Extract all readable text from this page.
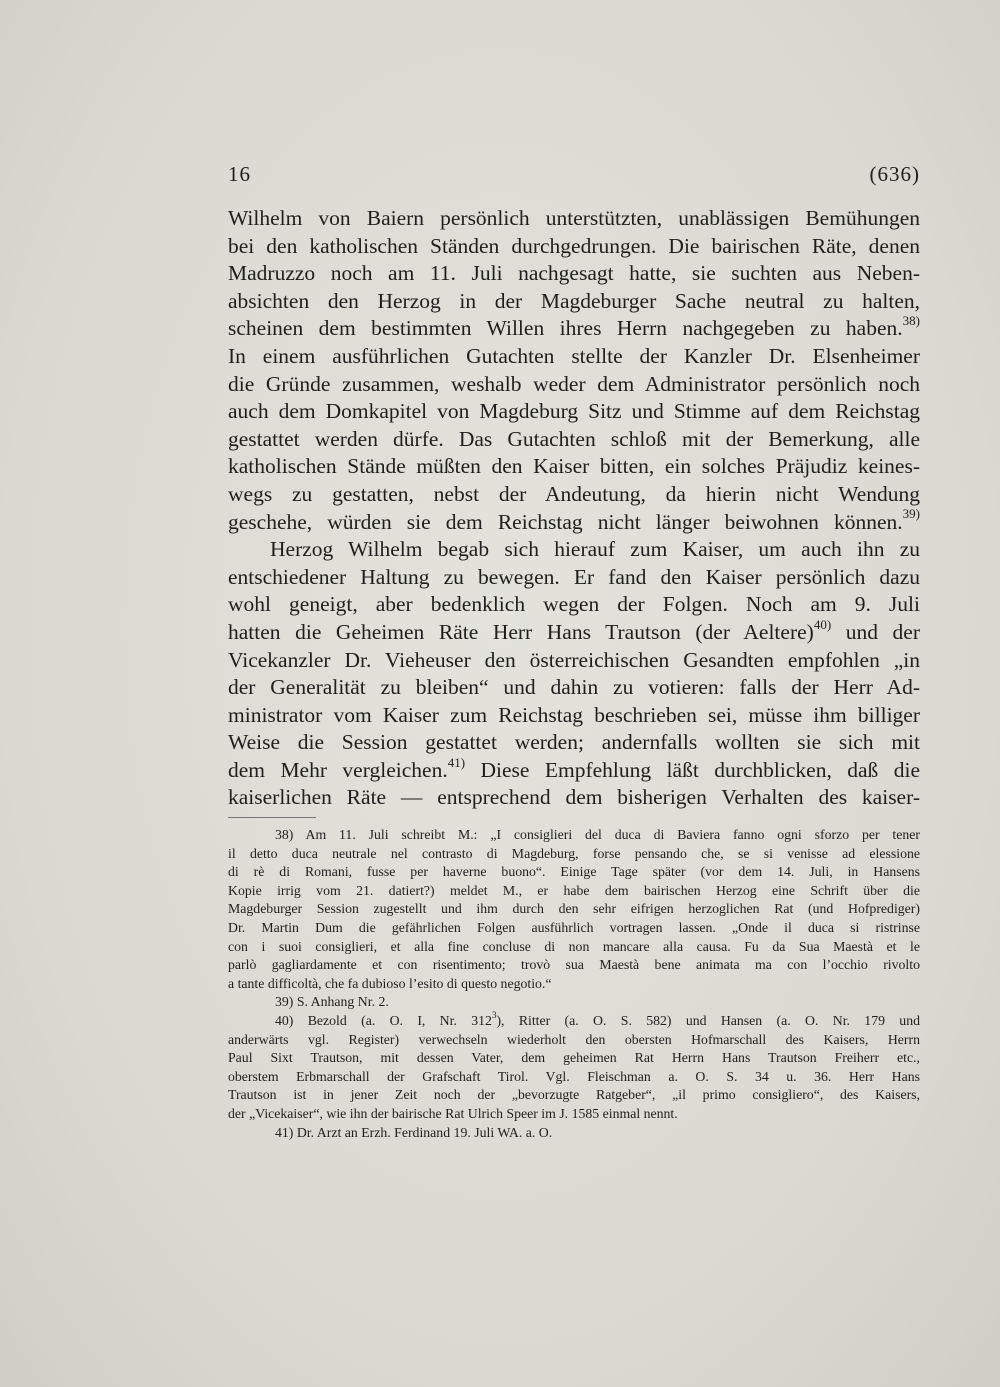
16	(636)
Wilhelm von Baiern persönlich unterstützten, unablässigen Bemühungen
bei den katholischen Ständen durchgedrungen. Die bairischen Räte, denen
Madruzzo noch am 11. Juli nachgesagt hatte, sie suchten aus Neben-
absichten den Herzog in der Magdeburger Sache neutral zu halten,
scheinen dem bestimmten Willen ihres Herrn nachgegeben zu haben.$^{38)}$
In einem ausführlichen Gutachten stellte der Kanzler Dr. Elsenheimer
die Gründe zusammen, weshalb weder dem Administrator persönlich noch
auch dem Domkapitel von Magdeburg Sitz und Stimme auf dem Reichstag
gestattet werden dürfe. Das Gutachten schloß mit der Bemerkung, alle
katholischen Stände müßten den Kaiser bitten, ein solches Präjudiz keines-
wegs zu gestatten, nebst der Andeutung, da hierin nicht Wendung
geschehe, würden sie dem Reichstag nicht länger beiwohnen können.$^{39)}$
Herzog Wilhelm begab sich hierauf zum Kaiser, um auch ihn zu
entschiedener Haltung zu bewegen. Er fand den Kaiser persönlich dazu
wohl geneigt, aber bedenklich wegen der Folgen. Noch am 9. Juli
hatten die Geheimen Räte Herr Hans Trautson (der Aeltere)$^{40)}$ und der
Vicekanzler Dr. Vieheuser den österreichischen Gesandten empfohlen „in
der Generalität zu bleiben“ und dahin zu votieren: falls der Herr Ad-
ministrator vom Kaiser zum Reichstag beschrieben sei, müsse ihm billiger
Weise die Session gestattet werden; andernfalls wollten sie sich mit
dem Mehr vergleichen.$^{41)}$ Diese Empfehlung läßt durchblicken, daß die
kaiserlichen Räte — entsprechend dem bisherigen Verhalten des kaiser-
38) Am 11. Juli schreibt M.: „I consiglieri del duca di Baviera fanno ogni sforzo per tener
il detto duca neutrale nel contrasto di Magdeburg, forse pensando che, se si venisse ad elessione
di rè di Romani, fusse per haverne buono“. Einige Tage später (vor dem 14. Juli, in Hansens
Kopie irrig vom 21. datiert?) meldet M., er habe dem bairischen Herzog eine Schrift über die
Magdeburger Session zugestellt und ihm durch den sehr eifrigen herzoglichen Rat (und Hofprediger)
Dr. Martin Dum die gefährlichen Folgen ausführlich vortragen lassen. „Onde il duca si ristrinse
con i suoi consiglieri, et alla fine concluse di non mancare alla causa. Fu da Sua Maestà et le
parlò gagliardamente et con risentimento; trovò sua Maestà bene animata ma con l’occhio rivolto
a tante difficoltà, che fa dubioso l’esito di questo negotio.“
39) S. Anhang Nr. 2.
40) Bezold (a. O. I, Nr. $312^3$), Ritter (a. O. S. 582) und Hansen (a. O. Nr. 179 und
anderwärts vgl. Register) verwechseln wiederholt den obersten Hofmarschall des Kaisers, Herrn
Paul Sixt Trautson, mit dessen Vater, dem geheimen Rat Herrn Hans Trautson Freiherr etc.,
oberstem Erbmarschall der Grafschaft Tirol. Vgl. Fleischman a. O. S. 34 u. 36. Herr Hans
Trautson ist in jener Zeit noch der „bevorzugte Ratgeber“, „il primo consigliero“, des Kaisers,
der „Vicekaiser“, wie ihn der bairische Rat Ulrich Speer im J. 1585 einmal nennt.
41) Dr. Arzt an Erzh. Ferdinand 19. Juli WA. a. O.
